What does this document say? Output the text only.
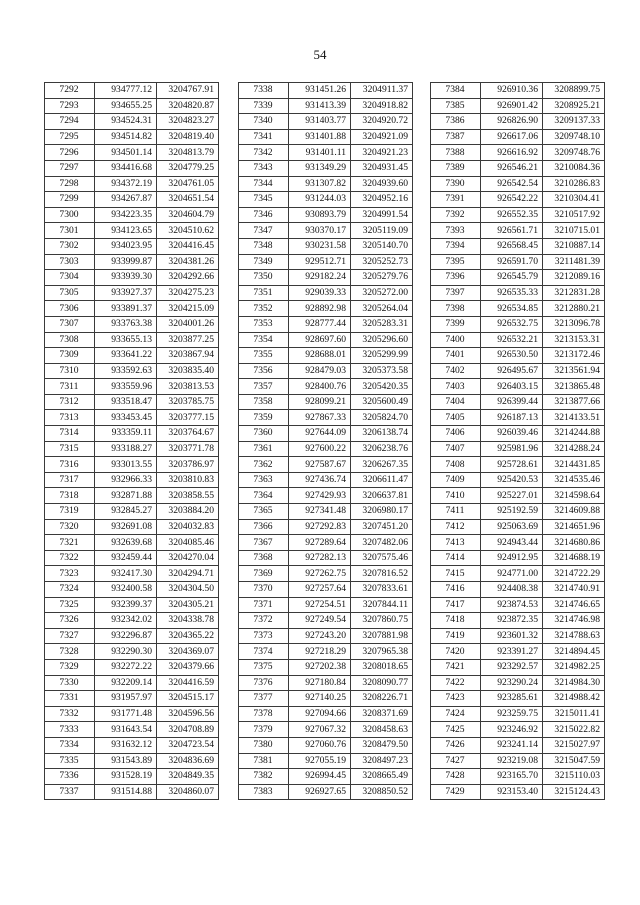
54
7292	934777.12	3204767.91
7293	934655.25	3204820.87
7294	934524.31	3204823.27
7295	934514.82	3204819.40
7296	934501.14	3204813.79
7297	934416.68	3204779.25
7298	934372.19	3204761.05
7299	934267.87	3204651.54
7300	934223.35	3204604.79
7301	934123.65	3204510.62
7302	934023.95	3204416.45
7303	933999.87	3204381.26
7304	933939.30	3204292.66
7305	933927.37	3204275.23
7306	933891.37	3204215.09
7307	933763.38	3204001.26
7308	933655.13	3203877.25
7309	933641.22	3203867.94
7310	933592.63	3203835.40
7311	933559.96	3203813.53
7312	933518.47	3203785.75
7313	933453.45	3203777.15
7314	933359.11	3203764.67
7315	933188.27	3203771.78
7316	933013.55	3203786.97
7317	932966.33	3203810.83
7318	932871.88	3203858.55
7319	932845.27	3203884.20
7320	932691.08	3204032.83
7321	932639.68	3204085.46
7322	932459.44	3204270.04
7323	932417.30	3204294.71
7324	932400.58	3204304.50
7325	932399.37	3204305.21
7326	932342.02	3204338.78
7327	932296.87	3204365.22
7328	932290.30	3204369.07
7329	932272.22	3204379.66
7330	932209.14	3204416.59
7331	931957.97	3204515.17
7332	931771.48	3204596.56
7333	931643.54	3204708.89
7334	931632.12	3204723.54
7335	931543.89	3204836.69
7336	931528.19	3204849.35
7337	931514.88	3204860.07
7338	931451.26	3204911.37
7339	931413.39	3204918.82
7340	931403.77	3204920.72
7341	931401.88	3204921.09
7342	931401.11	3204921.23
7343	931349.29	3204931.45
7344	931307.82	3204939.60
7345	931244.03	3204952.16
7346	930893.79	3204991.54
7347	930370.17	3205119.09
7348	930231.58	3205140.70
7349	929512.71	3205252.73
7350	929182.24	3205279.76
7351	929039.33	3205272.00
7352	928892.98	3205264.04
7353	928777.44	3205283.31
7354	928697.60	3205296.60
7355	928688.01	3205299.99
7356	928479.03	3205373.58
7357	928400.76	3205420.35
7358	928099.21	3205600.49
7359	927867.33	3205824.70
7360	927644.09	3206138.74
7361	927600.22	3206238.76
7362	927587.67	3206267.35
7363	927436.74	3206611.47
7364	927429.93	3206637.81
7365	927341.48	3206980.17
7366	927292.83	3207451.20
7367	927289.64	3207482.06
7368	927282.13	3207575.46
7369	927262.75	3207816.52
7370	927257.64	3207833.61
7371	927254.51	3207844.11
7372	927249.54	3207860.75
7373	927243.20	3207881.98
7374	927218.29	3207965.38
7375	927202.38	3208018.65
7376	927180.84	3208090.77
7377	927140.25	3208226.71
7378	927094.66	3208371.69
7379	927067.32	3208458.63
7380	927060.76	3208479.50
7381	927055.19	3208497.23
7382	926994.45	3208665.49
7383	926927.65	3208850.52
7384	926910.36	3208899.75
7385	926901.42	3208925.21
7386	926826.90	3209137.33
7387	926617.06	3209748.10
7388	926616.92	3209748.76
7389	926546.21	3210084.36
7390	926542.54	3210286.83
7391	926542.22	3210304.41
7392	926552.35	3210517.92
7393	926561.71	3210715.01
7394	926568.45	3210887.14
7395	926591.70	3211481.39
7396	926545.79	3212089.16
7397	926535.33	3212831.28
7398	926534.85	3212880.21
7399	926532.75	3213096.78
7400	926532.21	3213153.31
7401	926530.50	3213172.46
7402	926495.67	3213561.94
7403	926403.15	3213865.48
7404	926399.44	3213877.66
7405	926187.13	3214133.51
7406	926039.46	3214244.88
7407	925981.96	3214288.24
7408	925728.61	3214431.85
7409	925420.53	3214535.46
7410	925227.01	3214598.64
7411	925192.59	3214609.88
7412	925063.69	3214651.96
7413	924943.44	3214680.86
7414	924912.95	3214688.19
7415	924771.00	3214722.29
7416	924408.38	3214740.91
7417	923874.53	3214746.65
7418	923872.35	3214746.98
7419	923601.32	3214788.63
7420	923391.27	3214894.45
7421	923292.57	3214982.25
7422	923290.24	3214984.30
7423	923285.61	3214988.42
7424	923259.75	3215011.41
7425	923246.92	3215022.82
7426	923241.14	3215027.97
7427	923219.08	3215047.59
7428	923165.70	3215110.03
7429	923153.40	3215124.43
